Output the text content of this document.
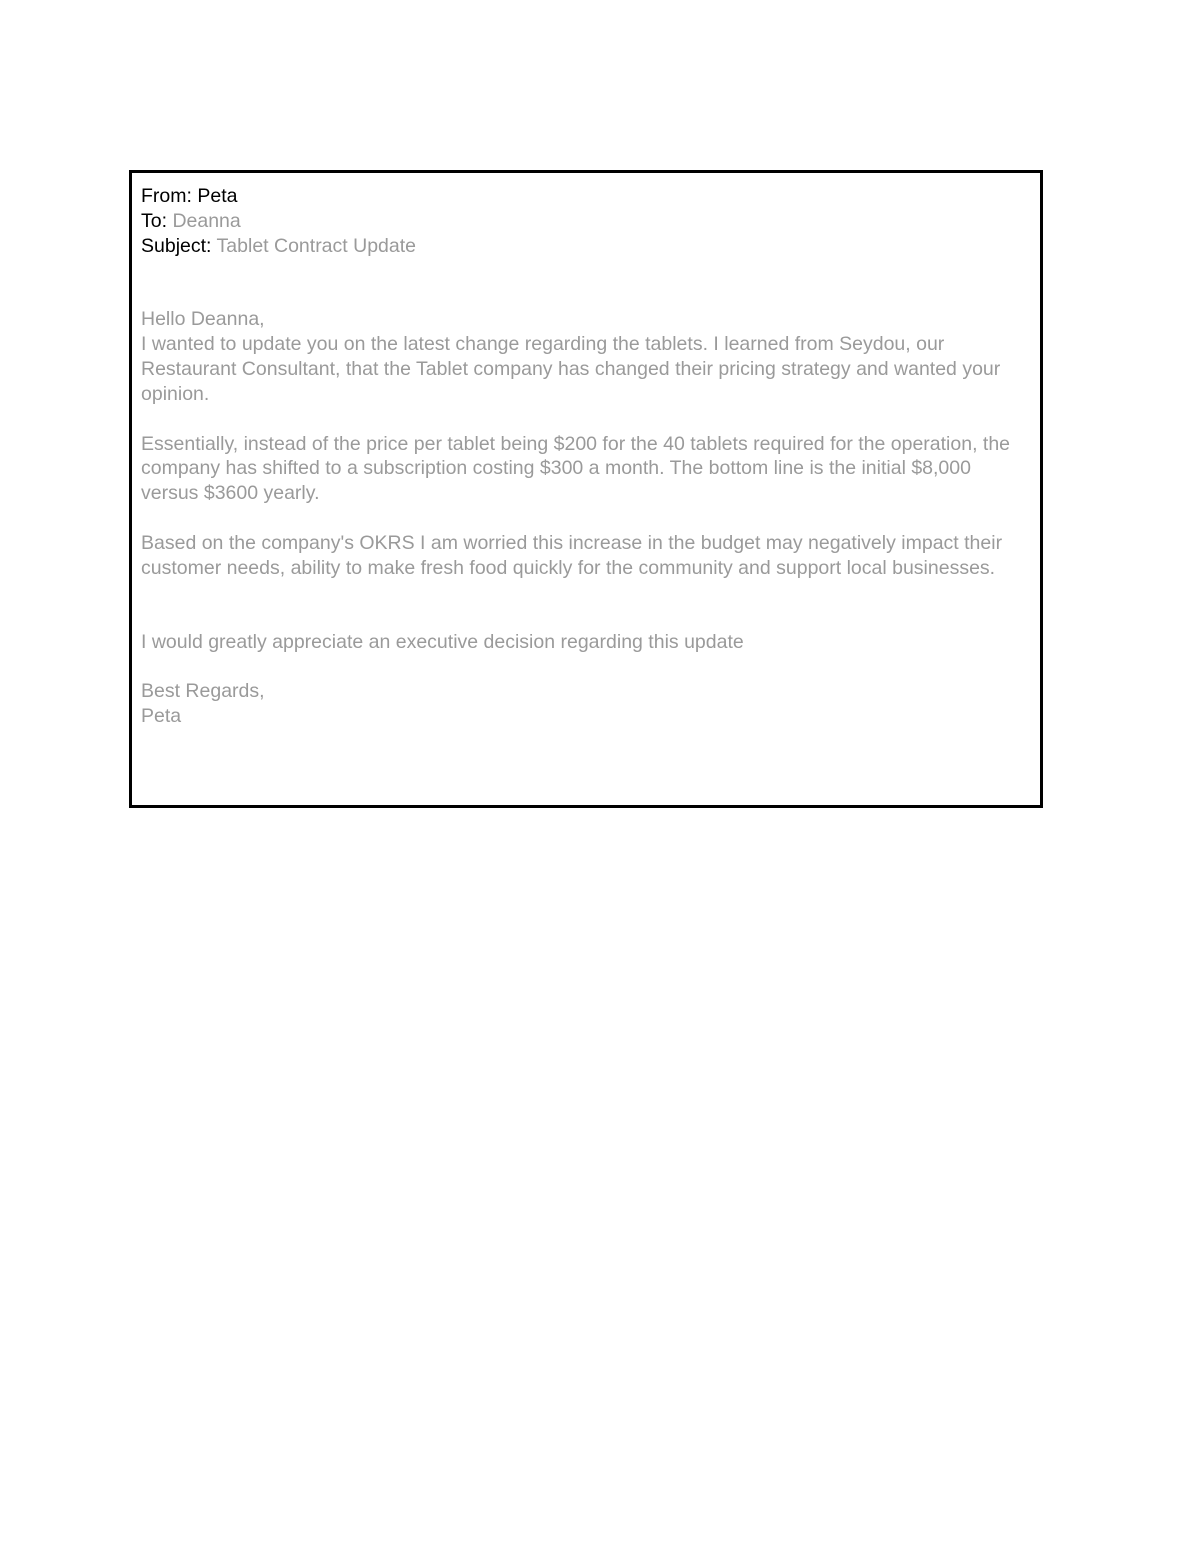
From: Peta
To: Deanna
Subject: Tablet Contract Update

Hello Deanna,

I wanted to update you on the latest change regarding the tablets. I learned from Seydou, our Restaurant Consultant, that the Tablet company has changed their pricing strategy and wanted your opinion.

Essentially, instead of the price per tablet being $200 for the 40 tablets required for the operation, the company has shifted to a subscription costing $300 a month. The bottom line is the initial $8,000 versus $3600 yearly.

Based on the company's OKRS I am worried this increase in the budget may negatively impact their customer needs, ability to make fresh food quickly for the community and support local businesses.

I would greatly appreciate an executive decision regarding this update

Best Regards,

Peta
